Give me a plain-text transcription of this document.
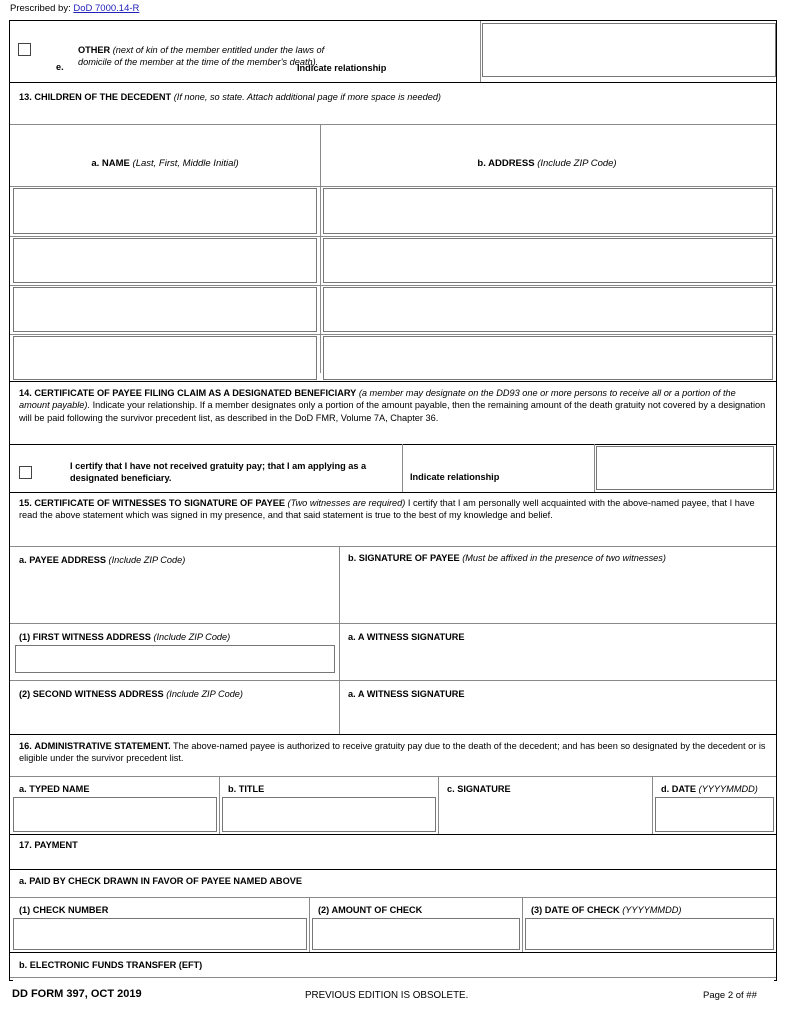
Prescribed by: DoD 7000.14-R
e.
OTHER (next of kin of the member entitled under the laws of domicile of the member at the time of the member's death).
Indicate relationship
13. CHILDREN OF THE DECEDENT (If none, so state. Attach additional page if more space is needed)
a. NAME (Last, First, Middle Initial)	b. ADDRESS (Include ZIP Code)
14. CERTIFICATE OF PAYEE FILING CLAIM AS A DESIGNATED BENEFICIARY (a member may designate on the DD93 one or more persons to receive all or a portion of the amount payable). Indicate your relationship. If a member designates only a portion of the amount payable, then the remaining amount of the death gratuity not covered by a designation will be paid following the survivor precedent list, as described in the DoD FMR, Volume 7A, Chapter 36.
I certify that I have not received gratuity pay; that I am applying as a designated beneficiary.	Indicate relationship
15. CERTIFICATE OF WITNESSES TO SIGNATURE OF PAYEE (Two witnesses are required) I certify that I am personally well acquainted with the above-named payee, that I have read the above statement which was signed in my presence, and that said statement is true to the best of my knowledge and belief.
a. PAYEE ADDRESS (Include ZIP Code)	b. SIGNATURE OF PAYEE (Must be affixed in the presence of two witnesses)
(1) FIRST WITNESS ADDRESS (Include ZIP Code)	a. A WITNESS SIGNATURE
(2) SECOND WITNESS ADDRESS (Include ZIP Code)	a. A WITNESS SIGNATURE
16. ADMINISTRATIVE STATEMENT. The above-named payee is authorized to receive gratuity pay due to the death of the decedent; and has been so designated by the decedent or is eligible under the survivor precedent list.
a. TYPED NAME	b. TITLE	c. SIGNATURE	d. DATE (YYYYMMDD)
17. PAYMENT
a. PAID BY CHECK DRAWN IN FAVOR OF PAYEE NAMED ABOVE
(1) CHECK NUMBER	(2) AMOUNT OF CHECK	(3) DATE OF CHECK (YYYYMMDD)
b. ELECTRONIC FUNDS TRANSFER (EFT)
DD FORM 397, OCT 2019	PREVIOUS EDITION IS OBSOLETE.	Page 2 of ##
